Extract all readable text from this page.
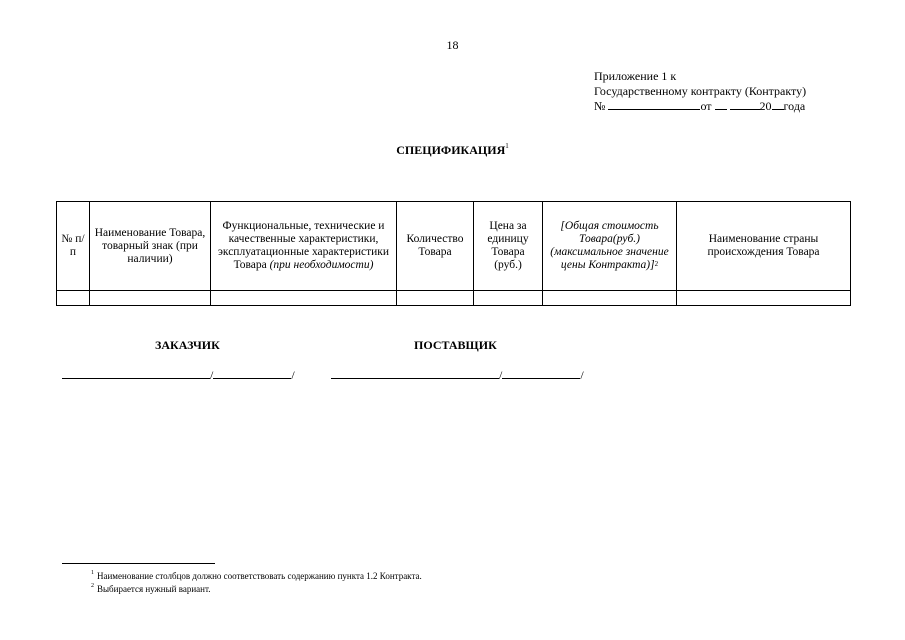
18
Приложение 1 к
Государственному контракту (Контракту)
№	от	20 года
СПЕЦИФИКАЦИЯ$^1$
№ п/п	Наименование Товара, товарный знак (при наличии)	Функциональные, технические и качественные характеристики, эксплуатационные характеристики Товара (при необходимости)	Количество Товара	Цена за единицу Товара (руб.)	[Общая стоимость Товара(руб.) (максимальное значение цены Контракта)]$^2$	Наименование страны происхождения Товара

ЗАКАЗЧИК	ПОСТАВЩИК
/	/	/	/
$^1$ Наименование столбцов должно соответствовать содержанию пункта 1.2 Контракта.
$^2$ Выбирается нужный вариант.
